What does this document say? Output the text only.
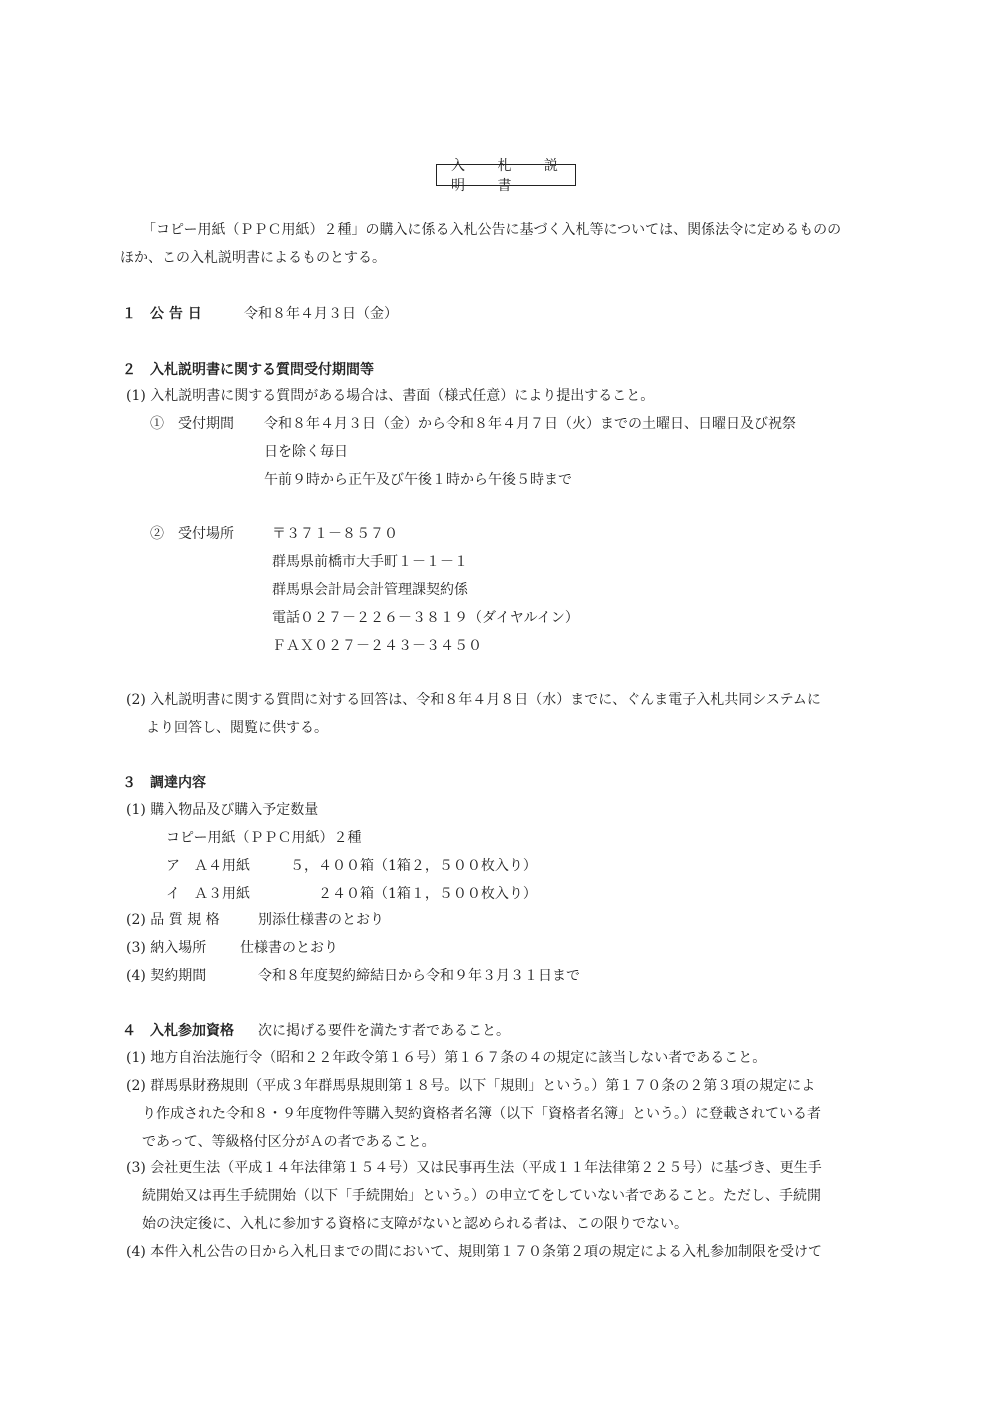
入 札 説 明 書
「コピー用紙（ＰＰＣ用紙）２種」の購入に係る入札公告に基づく入札等については、関係法令に定めるものの
ほか、この入札説明書によるものとする。
１　公 告 日	令和８年４月３日（金）
２　入札説明書に関する質問受付期間等
(1) 入札説明書に関する質問がある場合は、書面（様式任意）により提出すること。
①　受付期間 令和８年４月３日（金）から令和８年４月７日（火）までの土曜日、日曜日及び祝祭
日を除く毎日
午前９時から正午及び午後１時から午後５時まで
②　受付場所	〒３７１－８５７０
群馬県前橋市大手町１－１－１
群馬県会計局会計管理課契約係
電話０２７－２２６－３８１９（ダイヤルイン）
ＦＡＸ０２７－２４３－３４５０
(2) 入札説明書に関する質問に対する回答は、令和８年４月８日（水）までに、ぐんま電子入札共同システムに
より回答し、閲覧に供する。
３　調達内容
(1) 購入物品及び購入予定数量
コピー用紙（ＰＰＣ用紙）２種
ア　Ａ４用紙	５，４００箱（1箱２，５００枚入り）
イ　Ａ３用紙	２４０箱（1箱１，５００枚入り）
(2) 品 質 規 格	別添仕様書のとおり
(3) 納入場所 仕様書のとおり
(4) 契約期間	令和８年度契約締結日から令和９年３月３１日まで
４　入札参加資格 次に掲げる要件を満たす者であること。
(1) 地方自治法施行令（昭和２２年政令第１６号）第１６７条の４の規定に該当しない者であること。
(2) 群馬県財務規則（平成３年群馬県規則第１８号。以下「規則」という。）第１７０条の２第３項の規定によ
り作成された令和８・９年度物件等購入契約資格者名簿（以下「資格者名簿」という。）に登載されている者
であって、等級格付区分がＡの者であること。
(3) 会社更生法（平成１４年法律第１５４号）又は民事再生法（平成１１年法律第２２５号）に基づき、更生手
続開始又は再生手続開始（以下「手続開始」という。）の申立てをしていない者であること。ただし、手続開
始の決定後に、入札に参加する資格に支障がないと認められる者は、この限りでない。
(4) 本件入札公告の日から入札日までの間において、規則第１７０条第２項の規定による入札参加制限を受けて
